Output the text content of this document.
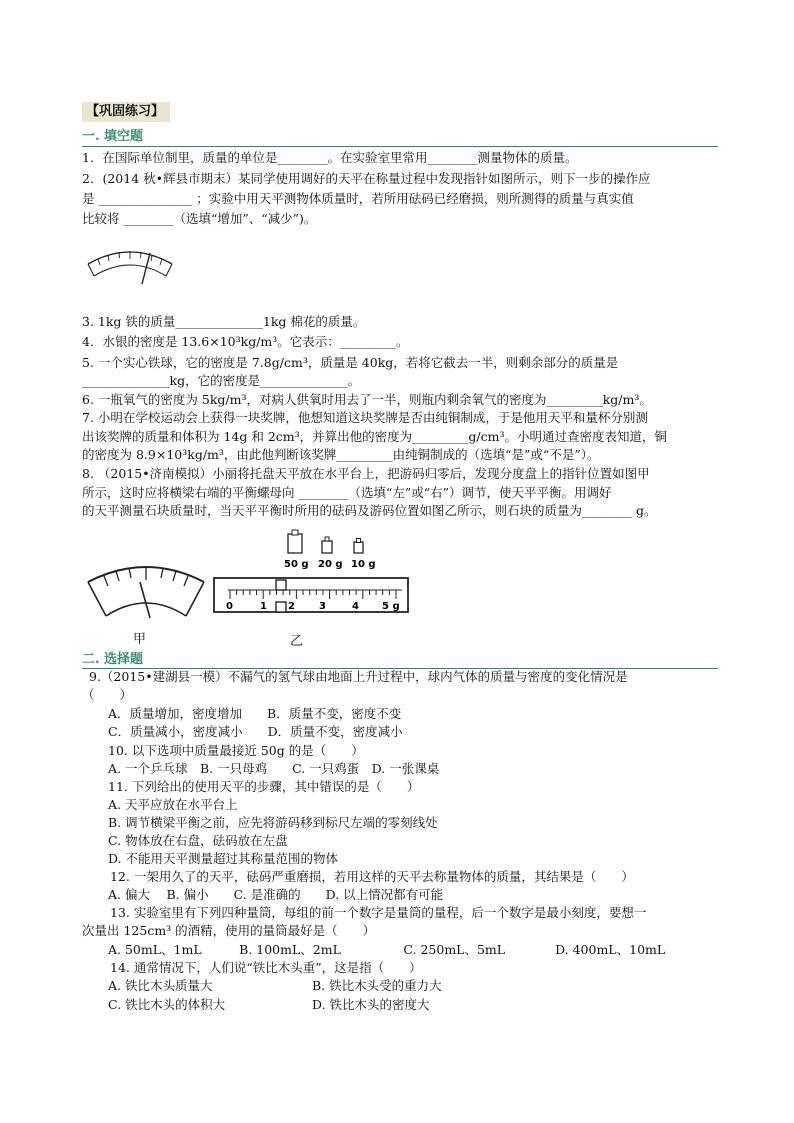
【巩固练习】
一. 填空题
1．在国际单位制里，质量的单位是________。在实验室里常用________测量物体的质量。
2．(2014 秋•辉县市期末）某同学使用调好的天平在称量过程中发现指针如图所示，则下一步的操作应
是 _______________ ；实验中用天平测物体质量时，若所用砝码已经磨损，则所测得的质量与真实值
比较将 ________（选填“增加”、“减少”)。
3. 1kg 铁的质量______________1kg 棉花的质量。
4．水银的密度是 13.6×10³kg/m³。它表示：_________。
5. 一个实心铁球，它的密度是 7.8g/cm³，质量是 40kg，若将它截去一半，则剩余部分的质量是
______________kg，它的密度是______________。
6. 一瓶氧气的密度为 5kg/m³，对病人供氧时用去了一半，则瓶内剩余氧气的密度为_________kg/m³。
7. 小明在学校运动会上获得一块奖牌，他想知道这块奖牌是否由纯铜制成，于是他用天平和量杯分别测
出该奖牌的质量和体积为 14g 和 2cm³，并算出他的密度为_________g/cm³。小明通过查密度表知道，铜
的密度为 8.9×10³kg/m³，由此他判断该奖牌_________由纯铜制成的（选填“是”或“不是”）。
8. （2015•济南模拟）小丽将托盘天平放在水平台上，把游码归零后，发现分度盘上的指针位置如图甲
所示，这时应将横梁右端的平衡螺母向 ________（选填“左”或“右”）调节，使天平平衡。用调好
的天平测量石块质量时，当天平平衡时所用的砝码及游码位置如图乙所示，则石块的质量为________ g。
甲
50 g 20 g 10 g
0	1 2 3	4 5 g
乙
二. 选择题
9.（2015•建湖县一模）不漏气的氢气球由地面上升过程中，球内气体的质量与密度的变化情况是
（　　）
A．质量增加，密度增加　　B．质量不变，密度不变
C．质量减小，密度减小　　D．质量不变，密度减小
10. 以下选项中质量最接近 50g 的是（　　）
A. 一个乒乓球　B. 一只母鸡　　C. 一只鸡蛋　D. 一张课桌
11. 下列给出的使用天平的步骤，其中错误的是（　　）
A. 天平应放在水平台上
B. 调节横梁平衡之前，应先将游码移到标尺左端的零刻线处
C. 物体放在右盘，砝码放在左盘
D. 不能用天平测量超过其称量范围的物体
12. 一架用久了的天平，砝码严重磨损，若用这样的天平去称量物体的质量，其结果是（　　）
A. 偏大　 B. 偏小　　C. 是准确的　　D. 以上情况都有可能
13. 实验室里有下列四种量筒，每组的前一个数字是量筒的量程，后一个数字是最小刻度，要想一
次量出 125cm³ 的酒精，使用的量筒最好是（　　）
A. 50mL、1mL　　　B. 100mL、2mL　　　　　C. 250mL、5mL　　　　D. 400mL、10mL
14. 通常情况下，人们说“铁比木头重”，这是指（　　）
A. 铁比木头质量大	B. 铁比木头受的重力大
C. 铁比木头的体积大	D. 铁比木头的密度大
